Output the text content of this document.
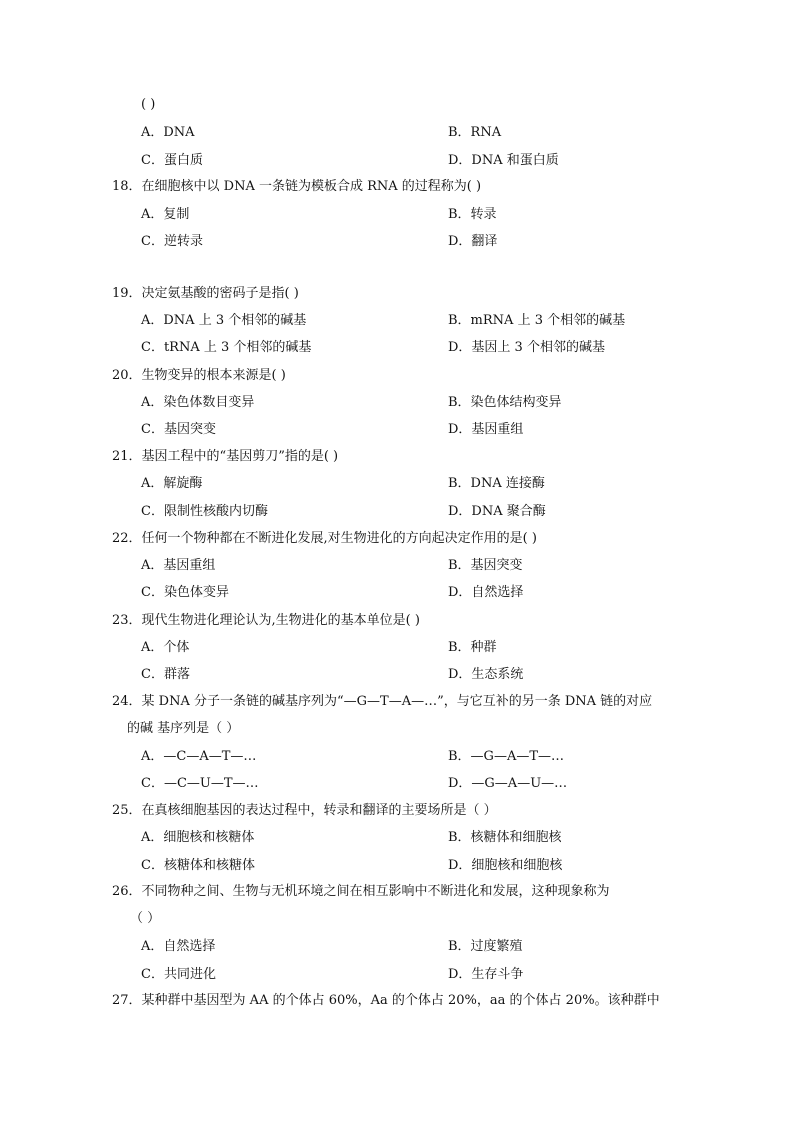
( )
A．DNA	B．RNA
C．蛋白质	D．DNA 和蛋白质
18．在细胞核中以 DNA 一条链为模板合成 RNA 的过程称为( )
A．复制	B．转录
C．逆转录	D．翻译
19．决定氨基酸的密码子是指( )
A．DNA 上 3 个相邻的碱基	B．mRNA 上 3 个相邻的碱基
C．tRNA 上 3 个相邻的碱基	D．基因上 3 个相邻的碱基
20．生物变异的根本来源是( )
A．染色体数目变异	B．染色体结构变异
C．基因突变	D．基因重组
21．基因工程中的“基因剪刀”指的是( )
A．解旋酶	B．DNA 连接酶
C．限制性核酸内切酶	D．DNA 聚合酶
22．任何一个物种都在不断进化发展,对生物进化的方向起决定作用的是( )
A．基因重组	B．基因突变
C．染色体变异	D．自然选择
23．现代生物进化理论认为,生物进化的基本单位是( )
A．个体	B．种群
C．群落	D．生态系统
24．某 DNA 分子一条链的碱基序列为“—G—T—A—…”，与它互补的另一条 DNA 链的对应
的碱 基序列是（ ）
A．—C—A—T—…	B．—G—A—T—…
C．—C—U—T—…	D．—G—A—U—…
25．在真核细胞基因的表达过程中，转录和翻译的主要场所是（ ）
A．细胞核和核糖体	B．核糖体和细胞核
C．核糖体和核糖体	D．细胞核和细胞核
26．不同物种之间、生物与无机环境之间在相互影响中不断进化和发展，这种现象称为
（ ）
A．自然选择	B．过度繁殖
C．共同进化	D．生存斗争
27．某种群中基因型为 AA 的个体占 60%，Aa 的个体占 20%，aa 的个体占 20%。该种群中
